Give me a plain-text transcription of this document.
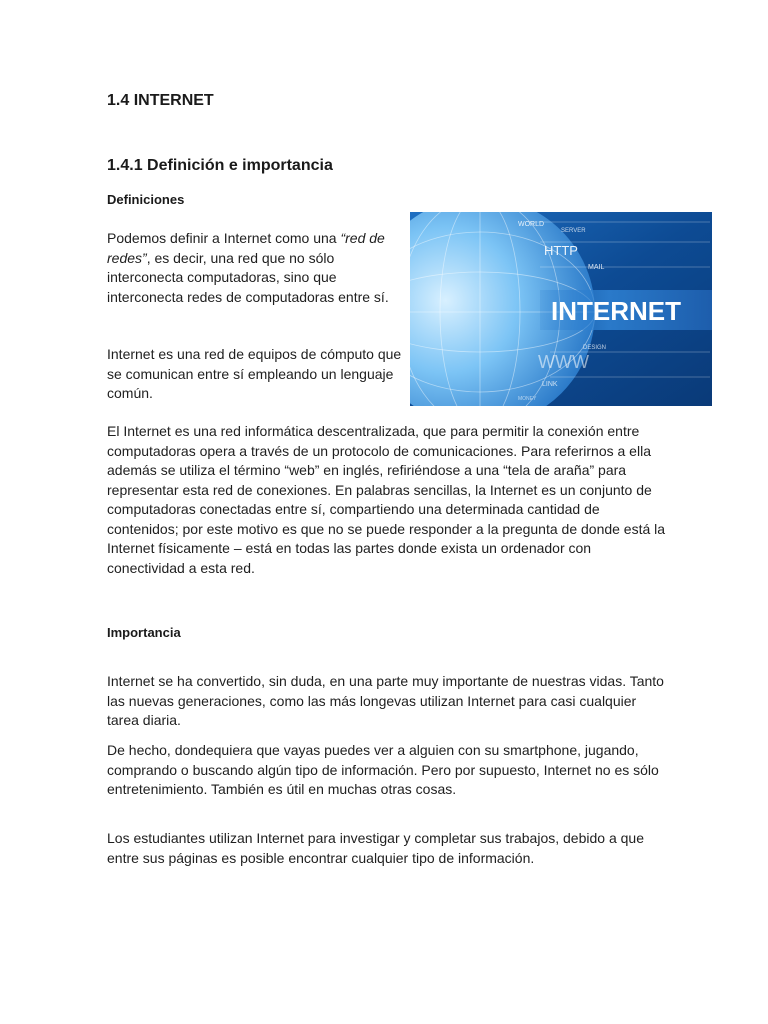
1.4 INTERNET
1.4.1 Definición e importancia
Definiciones

Podemos definir a Internet como una “red de redes”, es decir, una red que no sólo interconecta computadoras, sino que interconecta redes de computadoras entre sí.

Internet es una red de equipos de cómputo que se comunican entre sí empleando un lenguaje común.

El Internet es una red informática descentralizada, que para permitir la conexión entre computadoras opera a través de un protocolo de comunicaciones. Para referirnos a ella además se utiliza el término “web” en inglés, refiriéndose a una “tela de araña” para representar esta red de conexiones. En palabras sencillas, la Internet es un conjunto de computadoras conectadas entre sí, compartiendo una determinada cantidad de contenidos; por este motivo es que no se puede responder a la pregunta de donde está la Internet físicamente – está en todas las partes donde exista un ordenador con conectividad a esta red.

Importancia

Internet se ha convertido, sin duda, en una parte muy importante de nuestras vidas. Tanto las nuevas generaciones, como las más longevas utilizan Internet para casi cualquier tarea diaria.

De hecho, dondequiera que vayas puedes ver a alguien con su smartphone, jugando, comprando o buscando algún tipo de información. Pero por supuesto, Internet no es sólo entretenimiento. También es útil en muchas otras cosas.

Los estudiantes utilizan Internet para investigar y completar sus trabajos, debido a que entre sus páginas es posible encontrar cualquier tipo de información.

INTERNET
WORLD
SERVER
HTTP
MAIL
DESIGN
WWW
LINK
MONEY
